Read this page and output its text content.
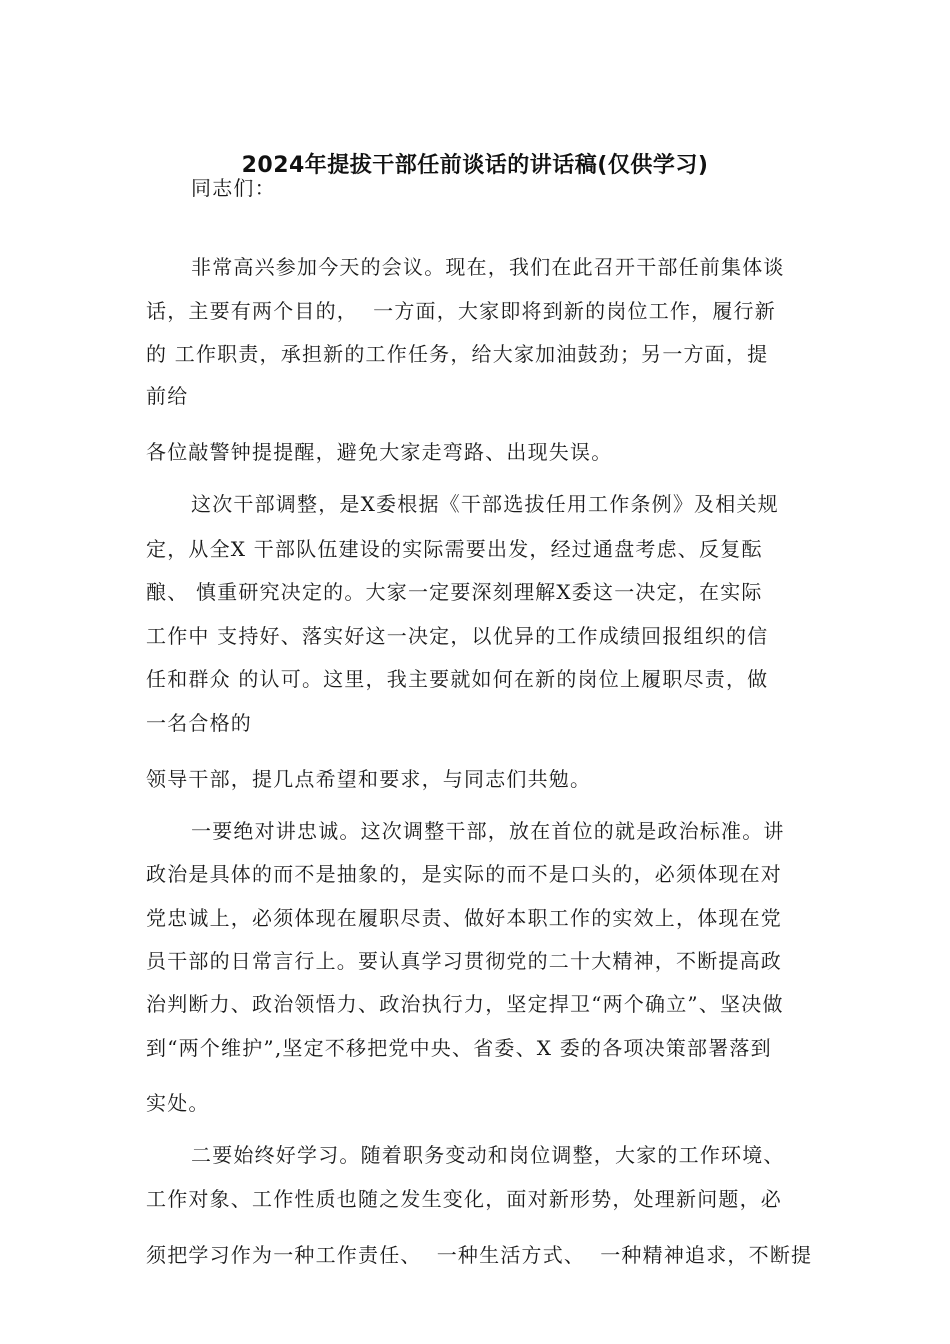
2024年提拔干部任前谈话的讲话稿(仅供学习)
同志们：
非常高兴参加今天的会议。现在，我们在此召开干部任前集体谈
话，主要有两个目的，  一方面，大家即将到新的岗位工作，履行新
的 工作职责，承担新的工作任务，给大家加油鼓劲；另一方面，提
前给
各位敲警钟提提醒，避免大家走弯路、出现失误。
这次干部调整，是X委根据《干部选拔任用工作条例》及相关规
定，从全X 干部队伍建设的实际需要出发，经过通盘考虑、反复酝
酿、 慎重研究决定的。大家一定要深刻理解X委这一决定，在实际
工作中 支持好、落实好这一决定，以优异的工作成绩回报组织的信
任和群众 的认可。这里，我主要就如何在新的岗位上履职尽责，做
一名合格的
领导干部，提几点希望和要求，与同志们共勉。
一要绝对讲忠诚。这次调整干部，放在首位的就是政治标准。讲
政治是具体的而不是抽象的，是实际的而不是口头的，必须体现在对
党忠诚上，必须体现在履职尽责、做好本职工作的实效上，体现在党
员干部的日常言行上。要认真学习贯彻党的二十大精神，不断提高政
治判断力、政治领悟力、政治执行力，坚定捍卫“两个确立”、坚决做
到“两个维护”,坚定不移把党中央、省委、X 委的各项决策部署落到
实处。
二要始终好学习。随着职务变动和岗位调整，大家的工作环境、
工作对象、工作性质也随之发生变化，面对新形势，处理新问题，必
须把学习作为一种工作责任、  一种生活方式、  一种精神追求，不断提
